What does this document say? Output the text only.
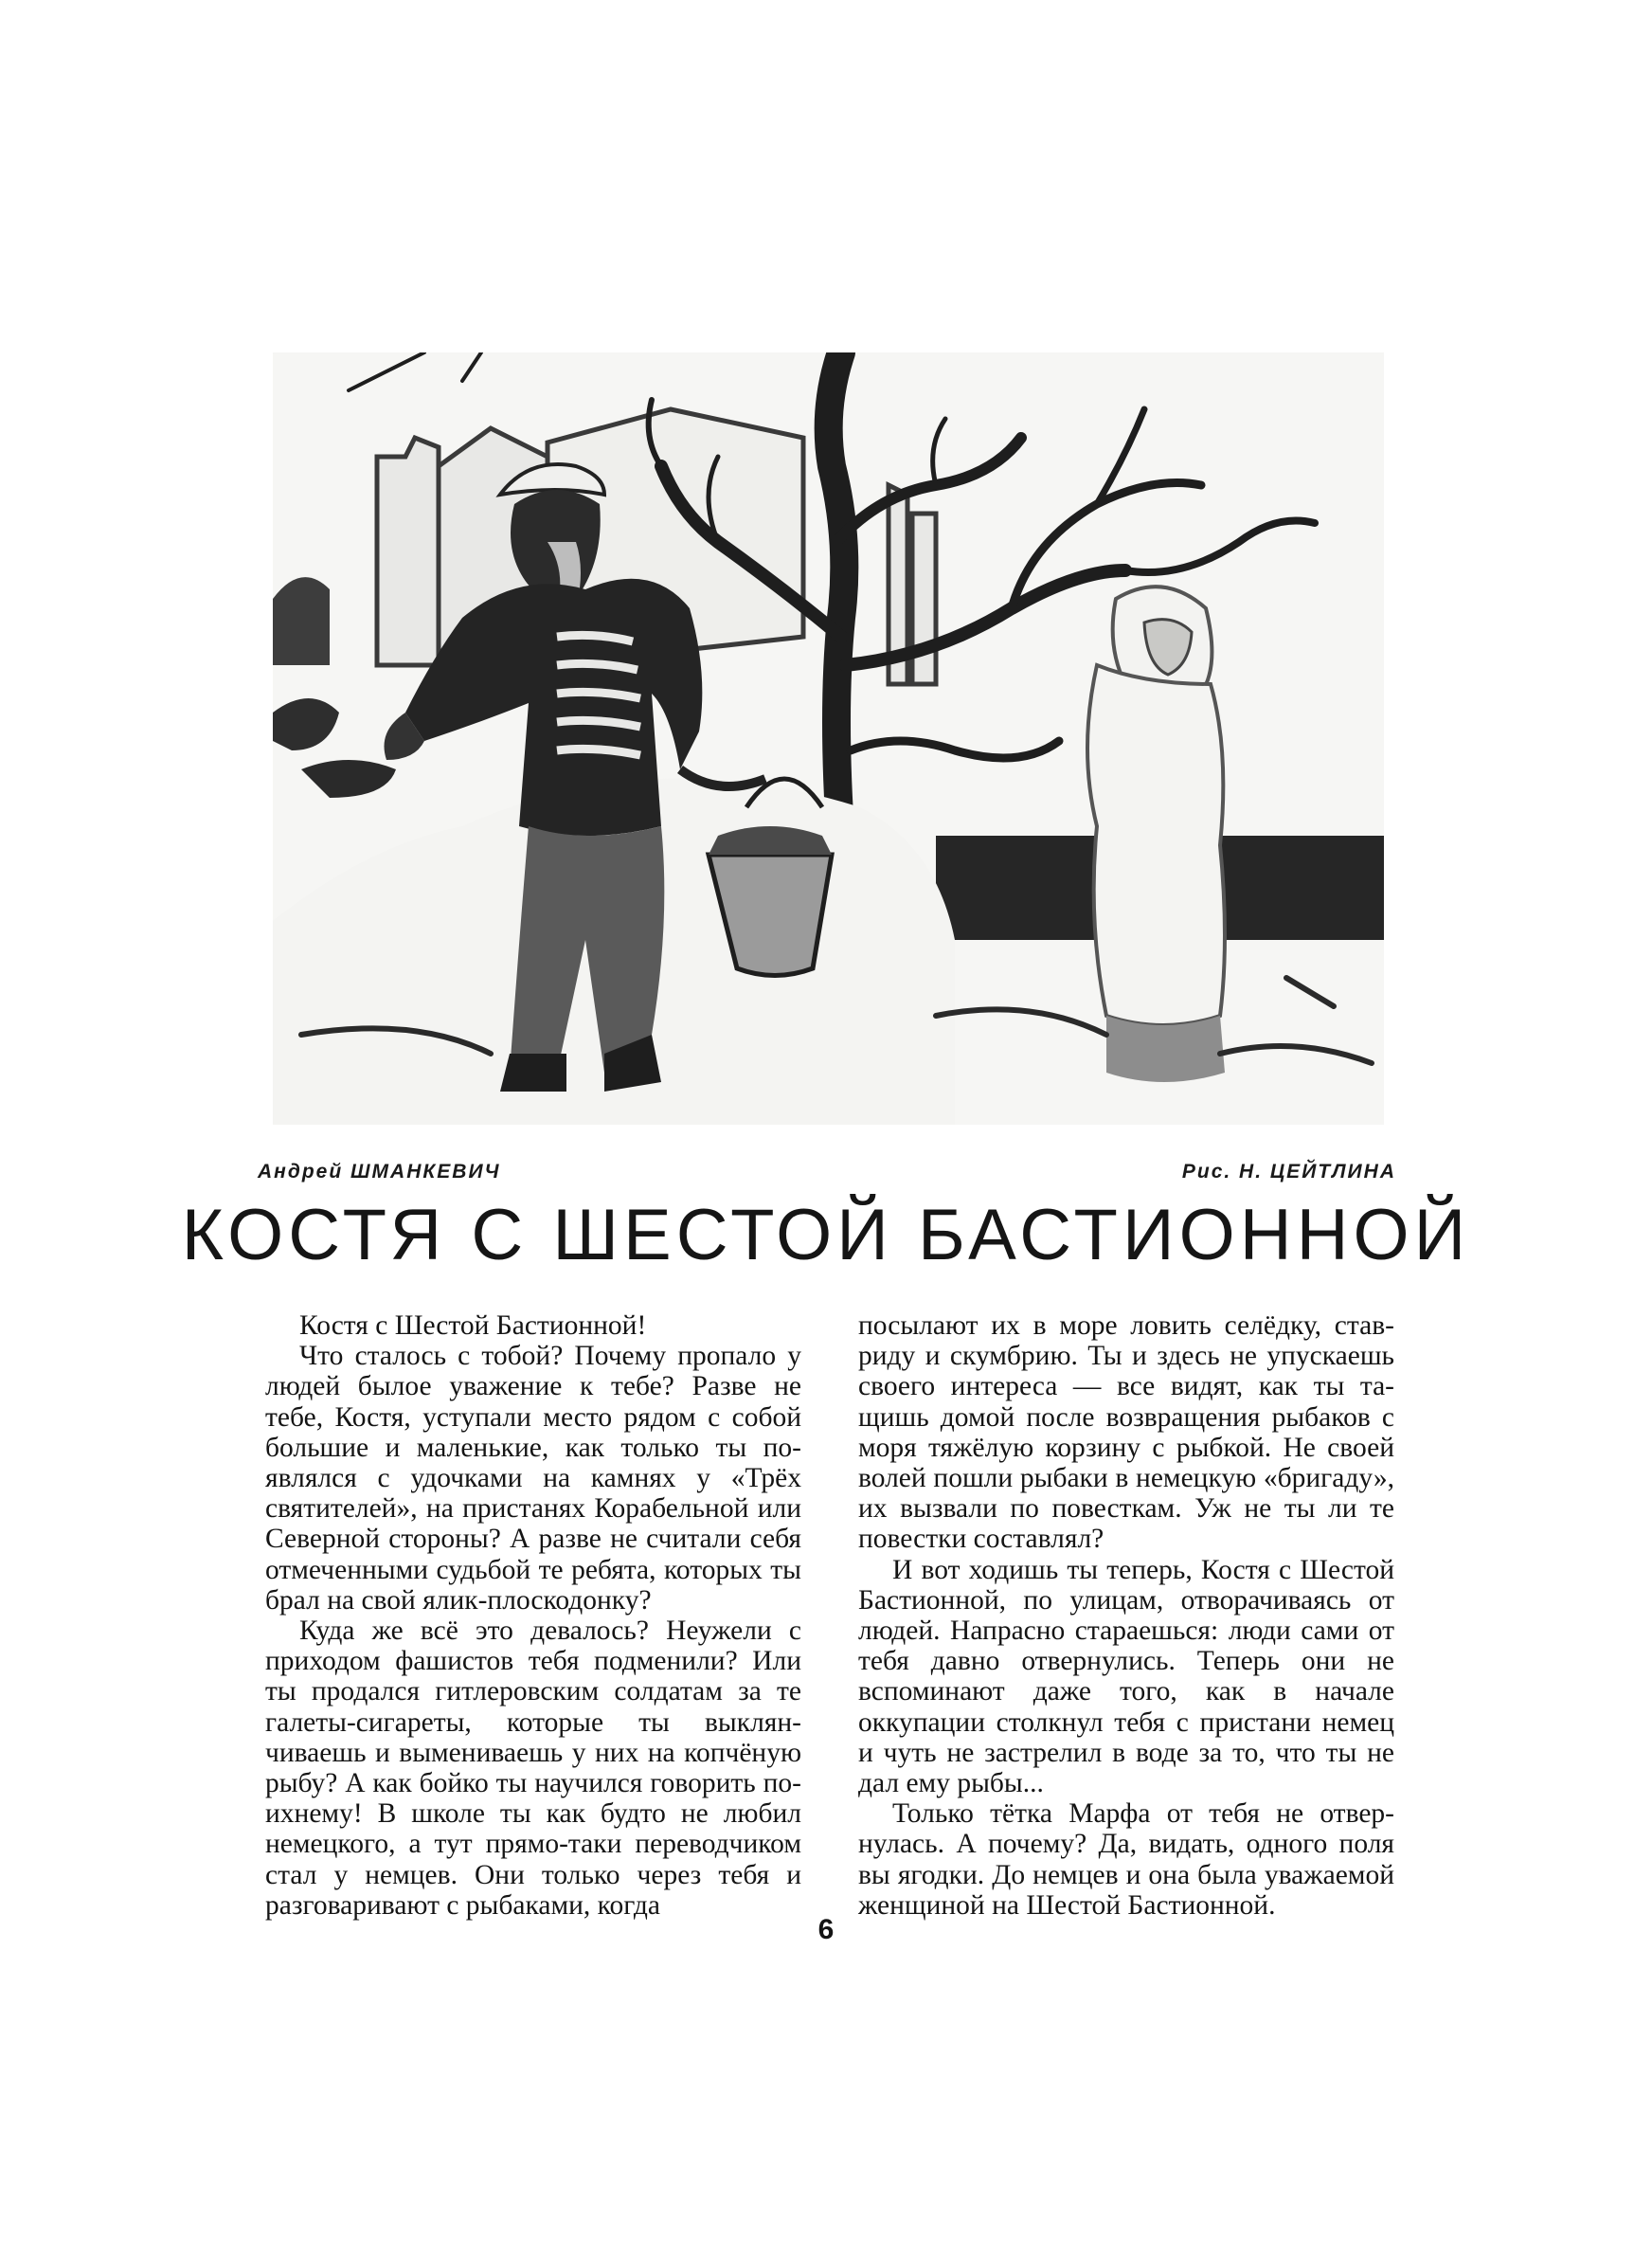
Андрей ШМАНКЕВИЧ	Рис. Н. ЦЕЙТЛИНА
КОСТЯ С ШЕСТОЙ БАСТИОННОЙ

Костя с Шестой Бастионной!

Что сталось с тобой? Почему пропало у людей былое уважение к тебе? Разве не тебе, Костя, уступали место рядом с собой большие и маленькие, как только ты появлялся с удочками на камнях у «Трёх святителей», на пристанях Корабельной или Северной стороны? А разве не считали себя отмеченными судьбой те ребята, которых ты брал на свой ялик-плоскодонку?

Куда же всё это девалось? Неужели с приходом фашистов тебя подменили? Или ты продался гитлеровским солдатам за те галеты-сигареты, которые ты выклянчиваешь и вымениваешь у них на копчёную рыбу? А как бойко ты научился говорить по-ихнему! В школе ты как будто не любил немецкого, а тут прямо-таки переводчиком стал у немцев. Они только через тебя и разговаривают с рыбаками, когда

посылают их в море ловить селёдку, ставриду и скумбрию. Ты и здесь не упускаешь своего интереса — все видят, как ты тащишь домой после возвращения рыбаков с моря тяжёлую корзину с рыбкой. Не своей волей пошли рыбаки в немецкую «бригаду», их вызвали по повесткам. Уж не ты ли те повестки составлял?

И вот ходишь ты теперь, Костя с Шестой Бастионной, по улицам, отворачиваясь от людей. Напрасно стараешься: люди сами от тебя давно отвернулись. Теперь они не вспоминают даже того, как в начале оккупации столкнул тебя с пристани немец и чуть не застрелил в воде за то, что ты не дал ему рыбы...

Только тётка Марфа от тебя не отвернулась. А почему? Да, видать, одного поля вы ягодки. До немцев и она была уважаемой женщиной на Шестой Бастионной.

6
